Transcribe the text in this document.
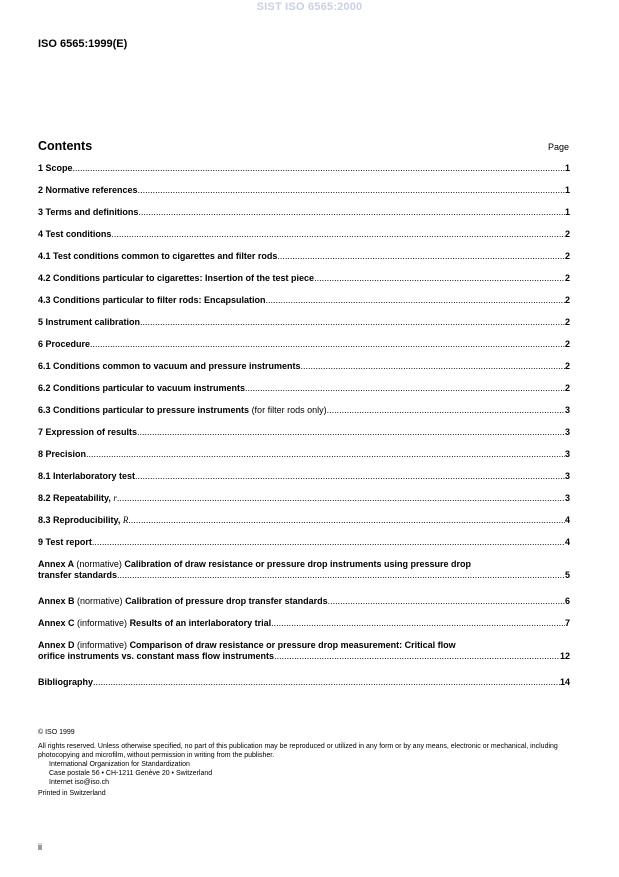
SIST ISO 6565:2000
ISO 6565:1999(E)
Contents	Page
1 Scope .....	1
2 Normative references .....	1
3 Terms and definitions .....	1
4 Test conditions .....	2
4.1 Test conditions common to cigarettes and filter rods .....	2
4.2 Conditions particular to cigarettes: Insertion of the test piece .....	2
4.3 Conditions particular to filter rods: Encapsulation .....	2
5 Instrument calibration .....	2
6 Procedure .....	2
6.1 Conditions common to vacuum and pressure instruments .....	2
6.2 Conditions particular to vacuum instruments .....	2
6.3 Conditions particular to pressure instruments (for filter rods only) .....	3
7 Expression of results .....	3
8 Precision .....	3
8.1 Interlaboratory test .....	3
8.2 Repeatability, r .....	3
8.3 Reproducibility, R .....	4
9 Test report .....	4
Annex A (normative) Calibration of draw resistance or pressure drop instruments using pressure drop
transfer standards .....	5
Annex B (normative) Calibration of pressure drop transfer standards .....	6
Annex C (informative) Results of an interlaboratory trial .....	7
Annex D (informative) Comparison of draw resistance or pressure drop measurement: Critical flow
orifice instruments vs. constant mass flow instruments .....	12
Bibliography .....	14

© ISO 1999

All rights reserved. Unless otherwise specified, no part of this publication may be reproduced or utilized in any form or by any means, electronic or mechanical, including photocopying and microfilm, without permission in writing from the publisher.

International Organization for Standardization

Case postale 56 • CH-1211 Genève 20 • Switzerland

Internet iso@iso.ch

Printed in Switzerland

ii
